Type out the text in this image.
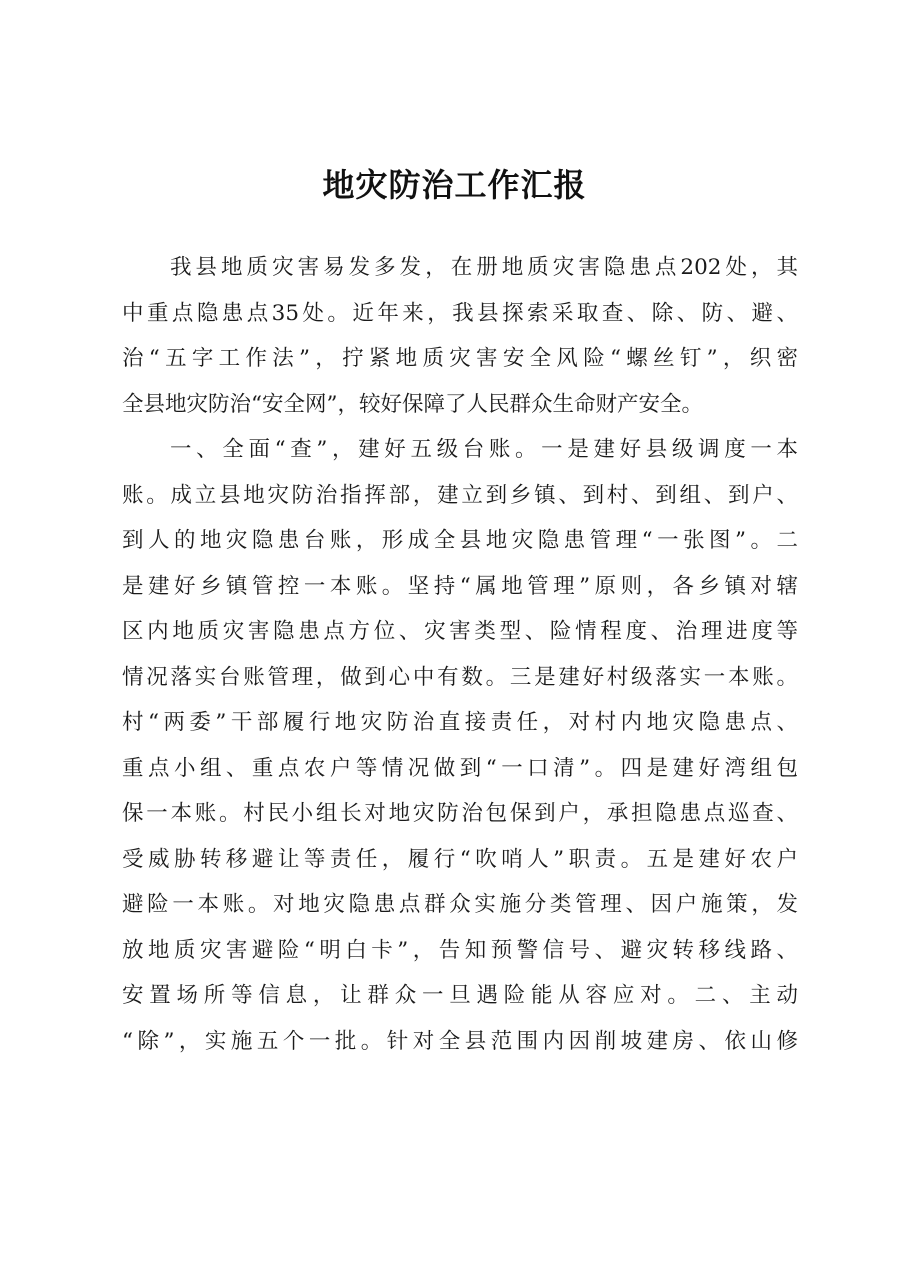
地灾防治工作汇报
我县地质灾害易发多发，在册地质灾害隐患点202处，其
中重点隐患点35处。近年来，我县探索采取查、除、防、避、
治“五字工作法”，拧紧地质灾害安全风险“螺丝钉”，织密
全县地灾防治“安全网”，较好保障了人民群众生命财产安全。
一、全面“查”，建好五级台账。一是建好县级调度一本
账。成立县地灾防治指挥部，建立到乡镇、到村、到组、到户、
到人的地灾隐患台账，形成全县地灾隐患管理“一张图”。二
是建好乡镇管控一本账。坚持“属地管理”原则，各乡镇对辖
区内地质灾害隐患点方位、灾害类型、险情程度、治理进度等
情况落实台账管理，做到心中有数。三是建好村级落实一本账。
村“两委”干部履行地灾防治直接责任，对村内地灾隐患点、
重点小组、重点农户等情况做到“一口清”。四是建好湾组包
保一本账。村民小组长对地灾防治包保到户，承担隐患点巡查、
受威胁转移避让等责任，履行“吹哨人”职责。五是建好农户
避险一本账。对地灾隐患点群众实施分类管理、因户施策，发
放地质灾害避险“明白卡”，告知预警信号、避灾转移线路、
安置场所等信息，让群众一旦遇险能从容应对。二、主动
“除”，实施五个一批。针对全县范围内因削坡建房、依山修
